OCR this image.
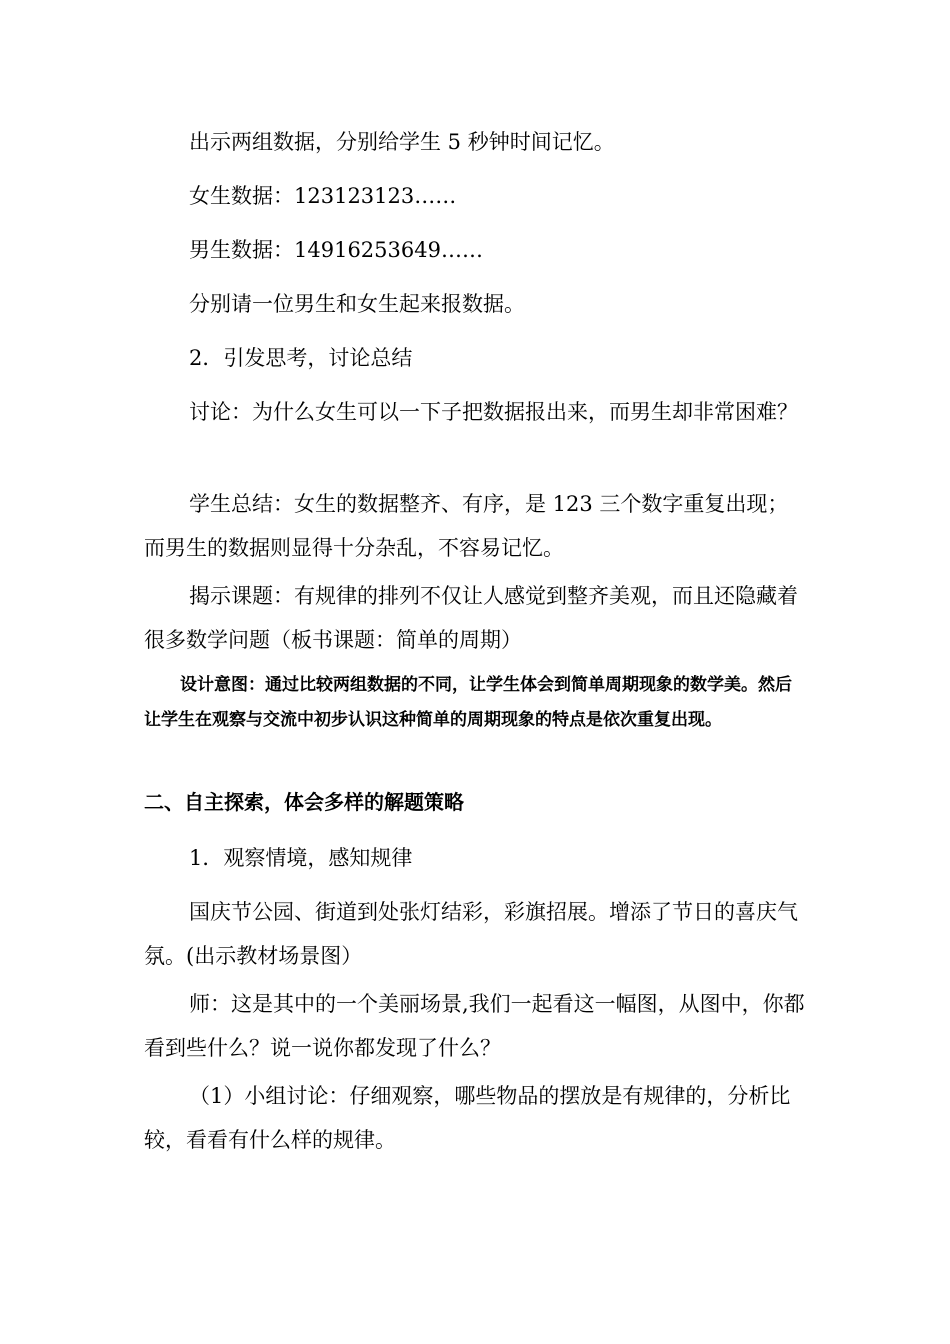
出示两组数据，分别给学生 5 秒钟时间记忆。

女生数据：123123123……

男生数据：14916253649……

分别请一位男生和女生起来报数据。

2．引发思考，讨论总结

讨论：为什么女生可以一下子把数据报出来，而男生却非常困难？

学生总结：女生的数据整齐、有序，是 123 三个数字重复出现；而男生的数据则显得十分杂乱，不容易记忆。

揭示课题：有规律的排列不仅让人感觉到整齐美观，而且还隐藏着很多数学问题（板书课题：简单的周期）

设计意图：通过比较两组数据的不同，让学生体会到简单周期现象的数学美。然后让学生在观察与交流中初步认识这种简单的周期现象的特点是依次重复出现。

二、自主探索，体会多样的解题策略

1．观察情境，感知规律

国庆节公园、街道到处张灯结彩，彩旗招展。增添了节日的喜庆气氛。(出示教材场景图）

师：这是其中的一个美丽场景,我们一起看这一幅图，从图中，你都看到些什么？说一说你都发现了什么？

（1）小组讨论：仔细观察，哪些物品的摆放是有规律的，分析比较，看看有什么样的规律。
